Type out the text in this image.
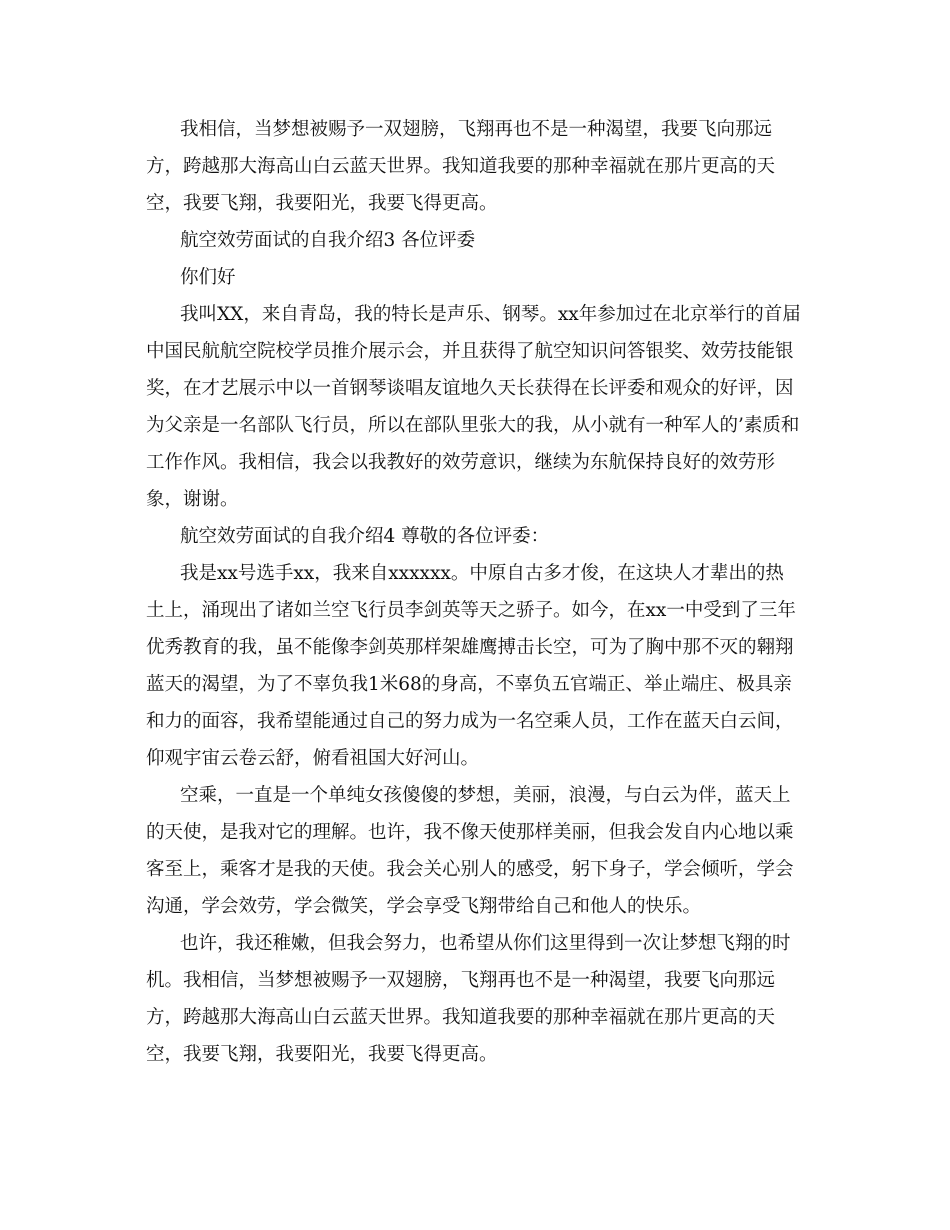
我相信，当梦想被赐予一双翅膀，飞翔再也不是一种渴望，我要飞向那远
方，跨越那大海高山白云蓝天世界。我知道我要的那种幸福就在那片更高的天
空，我要飞翔，我要阳光，我要飞得更高。
航空效劳面试的自我介绍3 各位评委
你们好
我叫XX，来自青岛，我的特长是声乐、钢琴。xx年参加过在北京举行的首届
中国民航航空院校学员推介展示会，并且获得了航空知识问答银奖、效劳技能银
奖，在才艺展示中以一首钢琴谈唱友谊地久天长获得在长评委和观众的好评，因
为父亲是一名部队飞行员，所以在部队里张大的我，从小就有一种军人的’素质和
工作作风。我相信，我会以我教好的效劳意识，继续为东航保持良好的效劳形
象，谢谢。
航空效劳面试的自我介绍4 尊敬的各位评委：
我是xx号选手xx，我来自xxxxxx。中原自古多才俊，在这块人才辈出的热
土上，涌现出了诸如兰空飞行员李剑英等天之骄子。如今，在xx一中受到了三年
优秀教育的我，虽不能像李剑英那样架雄鹰搏击长空，可为了胸中那不灭的翱翔
蓝天的渴望，为了不辜负我1米68的身高，不辜负五官端正、举止端庄、极具亲
和力的面容，我希望能通过自己的努力成为一名空乘人员，工作在蓝天白云间，
仰观宇宙云卷云舒，俯看祖国大好河山。
空乘，一直是一个单纯女孩傻傻的梦想，美丽，浪漫，与白云为伴，蓝天上
的天使，是我对它的理解。也许，我不像天使那样美丽，但我会发自内心地以乘
客至上，乘客才是我的天使。我会关心别人的感受，躬下身子，学会倾听，学会
沟通，学会效劳，学会微笑，学会享受飞翔带给自己和他人的快乐。
也许，我还稚嫩，但我会努力，也希望从你们这里得到一次让梦想飞翔的时
机。我相信，当梦想被赐予一双翅膀，飞翔再也不是一种渴望，我要飞向那远
方，跨越那大海高山白云蓝天世界。我知道我要的那种幸福就在那片更高的天
空，我要飞翔，我要阳光，我要飞得更高。
